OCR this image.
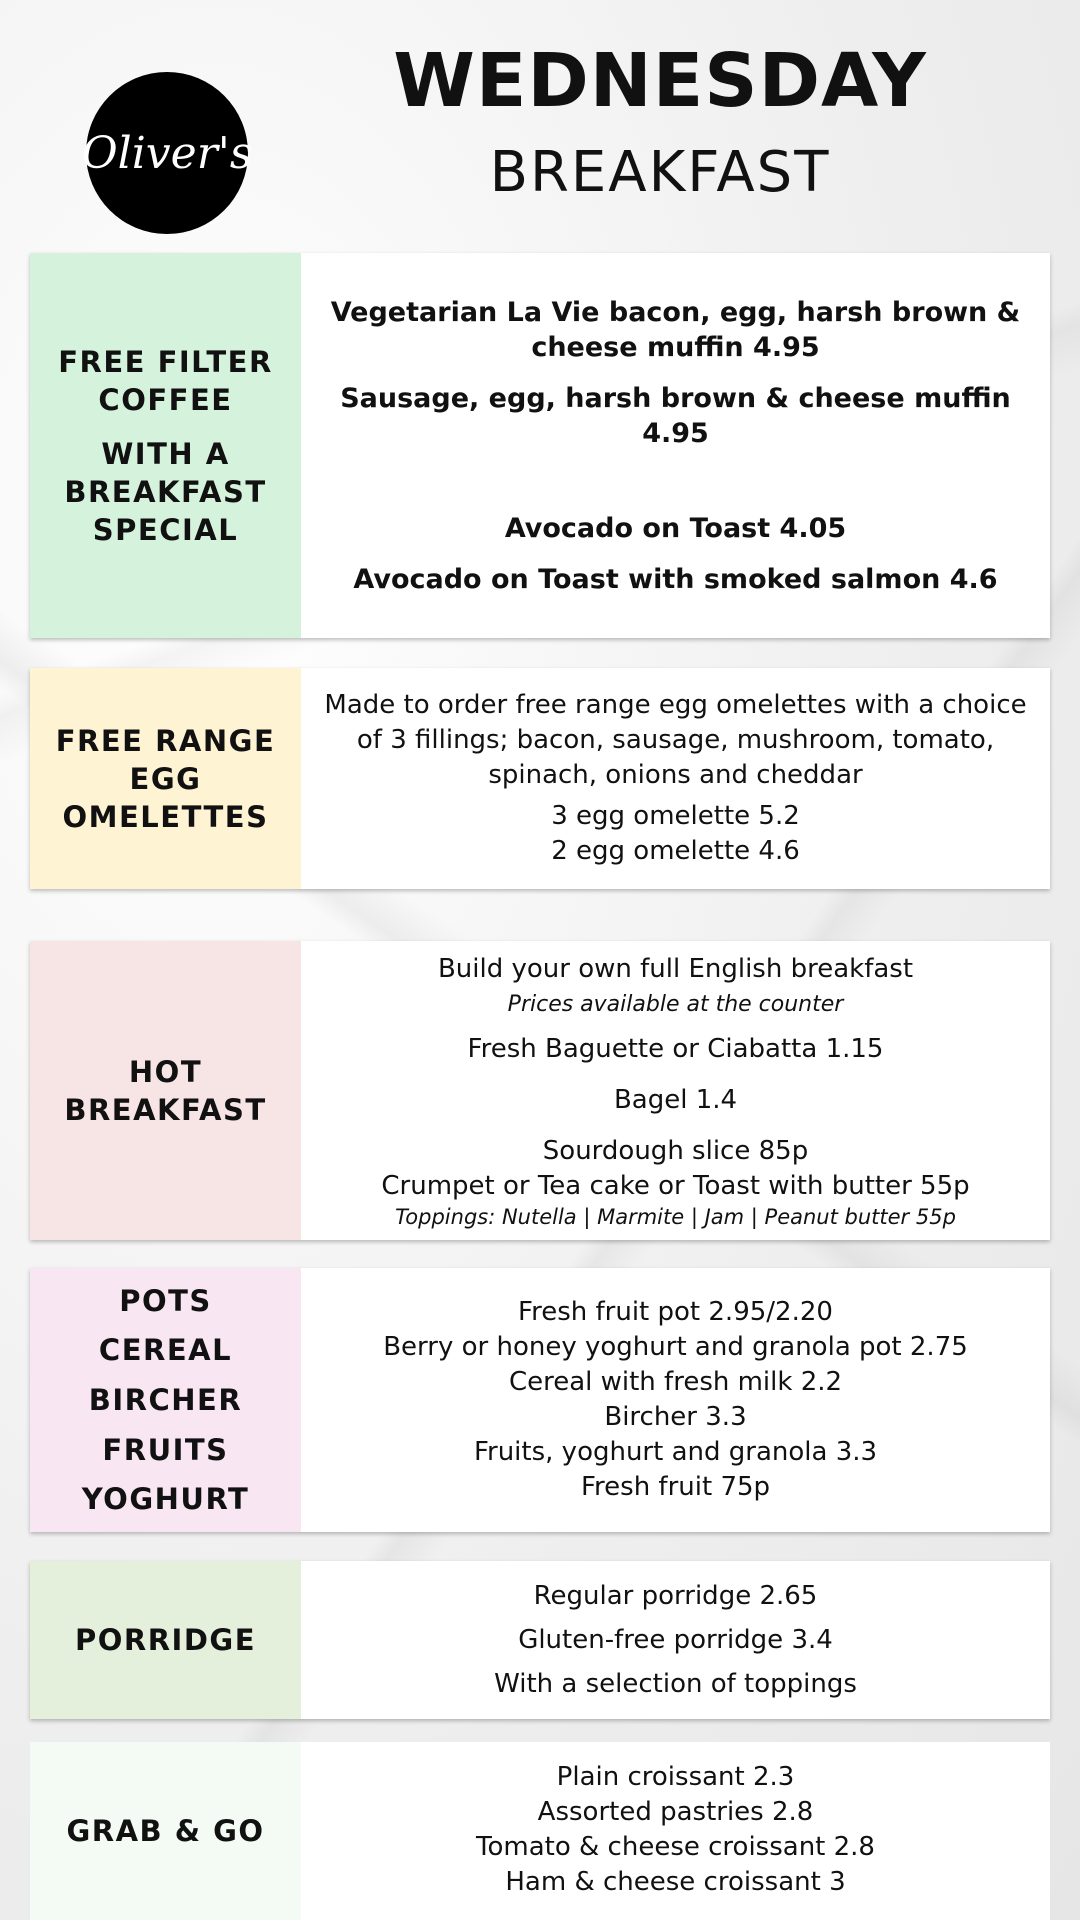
Oliver's
WEDNESDAY
BREAKFAST
FREE FILTER
COFFEE
WITH A
BREAKFAST
SPECIAL
Vegetarian La Vie bacon, egg, harsh brown & cheese muffin 4.95
Sausage, egg, harsh brown & cheese muffin 4.95
Avocado on Toast 4.05
Avocado on Toast with smoked salmon 4.6
FREE RANGE
EGG
OMELETTES
Made to order free range egg omelettes with a choice of 3 fillings; bacon, sausage, mushroom, tomato, spinach, onions and cheddar
3 egg omelette 5.2
2 egg omelette 4.6
HOT
BREAKFAST
Build your own full English breakfast
Prices available at the counter
Fresh Baguette or Ciabatta 1.15
Bagel 1.4
Sourdough slice 85p
Crumpet or Tea cake or Toast with butter 55p
Toppings: Nutella | Marmite | Jam | Peanut butter 55p
POTS
CEREAL
BIRCHER
FRUITS
YOGHURT
Fresh fruit pot 2.95/2.20
Berry or honey yoghurt and granola pot 2.75
Cereal with fresh milk 2.2
Bircher 3.3
Fruits, yoghurt and granola 3.3
Fresh fruit 75p
PORRIDGE
Regular porridge 2.65
Gluten-free porridge 3.4
With a selection of toppings
GRAB & GO
Plain croissant 2.3
Assorted pastries 2.8
Tomato & cheese croissant 2.8
Ham & cheese croissant 3
